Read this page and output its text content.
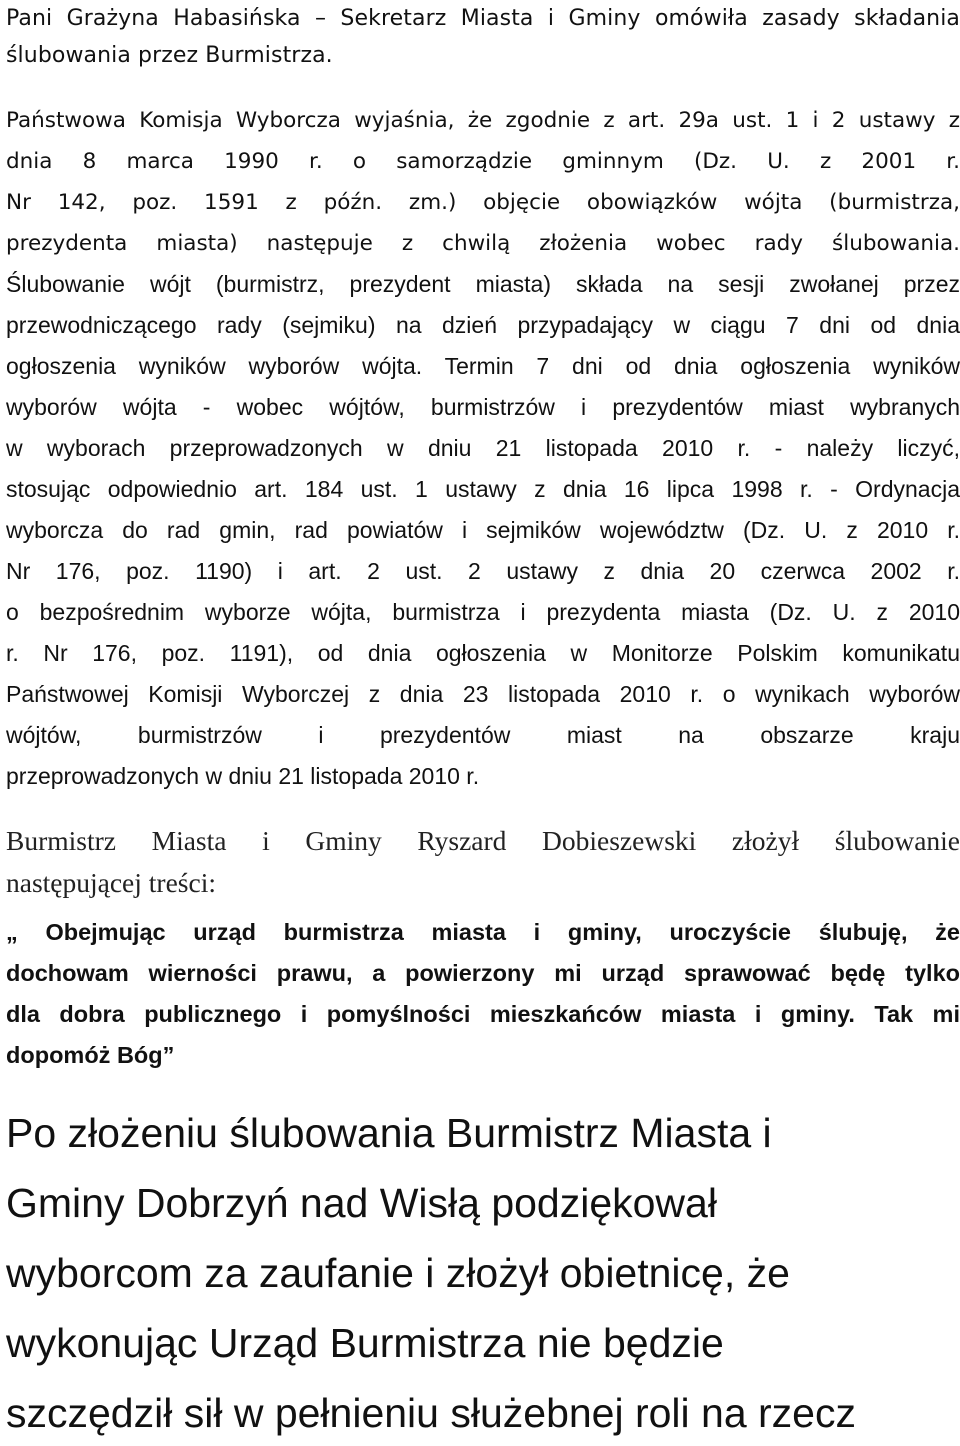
Pani Grażyna Habasińska – Sekretarz Miasta i Gminy omówiła zasady składania
ślubowania przez Burmistrza.
Państwowa Komisja Wyborcza wyjaśnia, że zgodnie z art. 29a ust. 1 i 2 ustawy z
dnia 8 marca 1990 r. o samorządzie gminnym (Dz. U. z 2001 r.
Nr 142, poz. 1591 z późn. zm.) objęcie obowiązków wójta (burmistrza,
prezydenta miasta) następuje z chwilą złożenia wobec rady ślubowania.
Ślubowanie wójt (burmistrz, prezydent miasta) składa na sesji zwołanej przez
przewodniczącego rady (sejmiku) na dzień przypadający w ciągu 7 dni od dnia
ogłoszenia wyników wyborów wójta. Termin 7 dni od dnia ogłoszenia wyników
wyborów wójta - wobec wójtów, burmistrzów i prezydentów miast wybranych
w wyborach przeprowadzonych w dniu 21 listopada 2010 r. - należy liczyć,
stosując odpowiednio art. 184 ust. 1 ustawy z dnia 16 lipca 1998 r. - Ordynacja
wyborcza do rad gmin, rad powiatów i sejmików województw (Dz. U. z 2010 r.
Nr 176, poz. 1190) i art. 2 ust. 2 ustawy z dnia 20 czerwca 2002 r.
o bezpośrednim wyborze wójta, burmistrza i prezydenta miasta (Dz. U. z 2010
r. Nr 176, poz. 1191), od dnia ogłoszenia w Monitorze Polskim komunikatu
Państwowej Komisji Wyborczej z dnia 23 listopada 2010 r. o wynikach wyborów
wójtów, burmistrzów i prezydentów miast na obszarze kraju
przeprowadzonych w dniu 21 listopada 2010 r.
Burmistrz Miasta i Gminy Ryszard Dobieszewski złożył ślubowanie
następującej treści:
„ Obejmując urząd burmistrza miasta i gminy, uroczyście ślubuję, że
dochowam wierności prawu, a powierzony mi urząd sprawować będę tylko
dla dobra publicznego i pomyślności mieszkańców miasta i gminy. Tak mi
dopomóż Bóg”
Po złożeniu ślubowania Burmistrz Miasta i
Gminy Dobrzyń nad Wisłą podziękował
wyborcom za zaufanie i złożył obietnicę, że
wykonując Urząd Burmistrza nie będzie
szczędził sił w pełnieniu służebnej roli na rzecz
